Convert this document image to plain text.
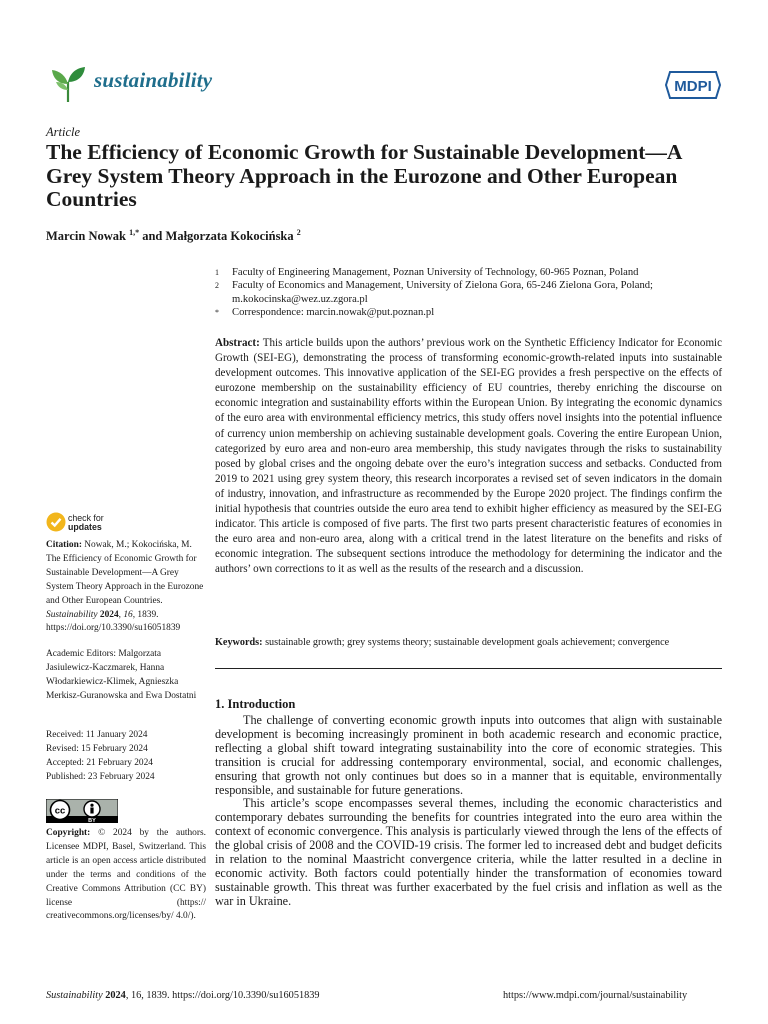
sustainability	MDPI
Article
The Efficiency of Economic Growth for Sustainable Development—A Grey System Theory Approach in the Eurozone and Other European Countries
Marcin Nowak $^{1,*}$ and Małgorzata Kokocińska $^2$
1	Faculty of Engineering Management, Poznan University of Technology, 60-965 Poznan, Poland
2	Faculty of Economics and Management, University of Zielona Gora, 65-246 Zielona Gora, Poland; m.kokocinska@wez.uz.zgora.pl
*	Correspondence: marcin.nowak@put.poznan.pl
Abstract: This article builds upon the authors’ previous work on the Synthetic Efficiency Indicator for Economic Growth (SEI-EG), demonstrating the process of transforming economic-growth-related inputs into sustainable development outcomes. This innovative application of the SEI-EG provides a fresh perspective on the effects of eurozone membership on the sustainability efficiency of EU countries, thereby enriching the discourse on economic integration and sustainability efforts within the European Union. By integrating the economic dynamics of the euro area with environmental efficiency metrics, this study offers novel insights into the potential influence of currency union membership on achieving sustainable development goals. Covering the entire European Union, categorized by euro area and non-euro area membership, this study navigates through the risks to sustainability posed by global crises and the ongoing debate over the euro’s integration success and setbacks. Conducted from 2019 to 2021 using grey system theory, this research incorporates a revised set of seven indicators in the domain of industry, innovation, and infrastructure as recommended by the Europe 2020 project. The findings confirm the initial hypothesis that countries outside the euro area tend to exhibit higher efficiency as measured by the SEI-EG indicator. This article is composed of five parts. The first two parts present characteristic features of economies in the euro area and non-euro area, along with a critical trend in the latest literature on the benefits and risks of economic integration. The subsequent sections introduce the methodology for determining the indicator and the authors’ own corrections to it as well as the results of the research and a discussion.
Keywords: sustainable growth; grey systems theory; sustainable development goals achievement; convergence
1. Introduction

The challenge of converting economic growth inputs into outcomes that align with sustainable development is becoming increasingly prominent in both academic research and economic practice, reflecting a global shift toward integrating sustainability into the core of economic strategies. This transition is crucial for addressing contemporary environmental, social, and economic challenges, ensuring that growth not only continues but does so in a manner that is equitable, environmentally responsible, and sustainable for future generations.

This article’s scope encompasses several themes, including the economic characteristics and contemporary debates surrounding the benefits for countries integrated into the euro area within the context of economic convergence. This analysis is particularly viewed through the lens of the effects of the global crisis of 2008 and the COVID-19 crisis. The former led to increased debt and budget deficits in relation to the nominal Maastricht convergence criteria, while the latter resulted in a decline in economic activity. Both factors could potentially hinder the transformation of economies toward sustainable growth. This threat was further exacerbated by the fuel crisis and inflation as well as the war in Ukraine.

check for
updates
Citation: Nowak, M.; Kokocińska, M. The Efficiency of Economic Growth for Sustainable Development—A Grey System Theory Approach in the Eurozone and Other European Countries. Sustainability 2024, 16, 1839. https://doi.org/10.3390/su16051839
Academic Editors: Malgorzata Jasiulewicz-Kaczmarek, Hanna Włodarkiewicz-Klimek, Agnieszka Merkisz-Guranowska and Ewa Dostatni
Received: 11 January 2024
Revised: 15 February 2024
Accepted: 21 February 2024
Published: 23 February 2024
cc
BY
Copyright: © 2024 by the authors. Licensee MDPI, Basel, Switzerland. This article is an open access article distributed under the terms and conditions of the Creative Commons Attribution (CC BY) license (https:// creativecommons.org/licenses/by/ 4.0/).
Sustainability 2024, 16, 1839. https://doi.org/10.3390/su16051839	https://www.mdpi.com/journal/sustainability
